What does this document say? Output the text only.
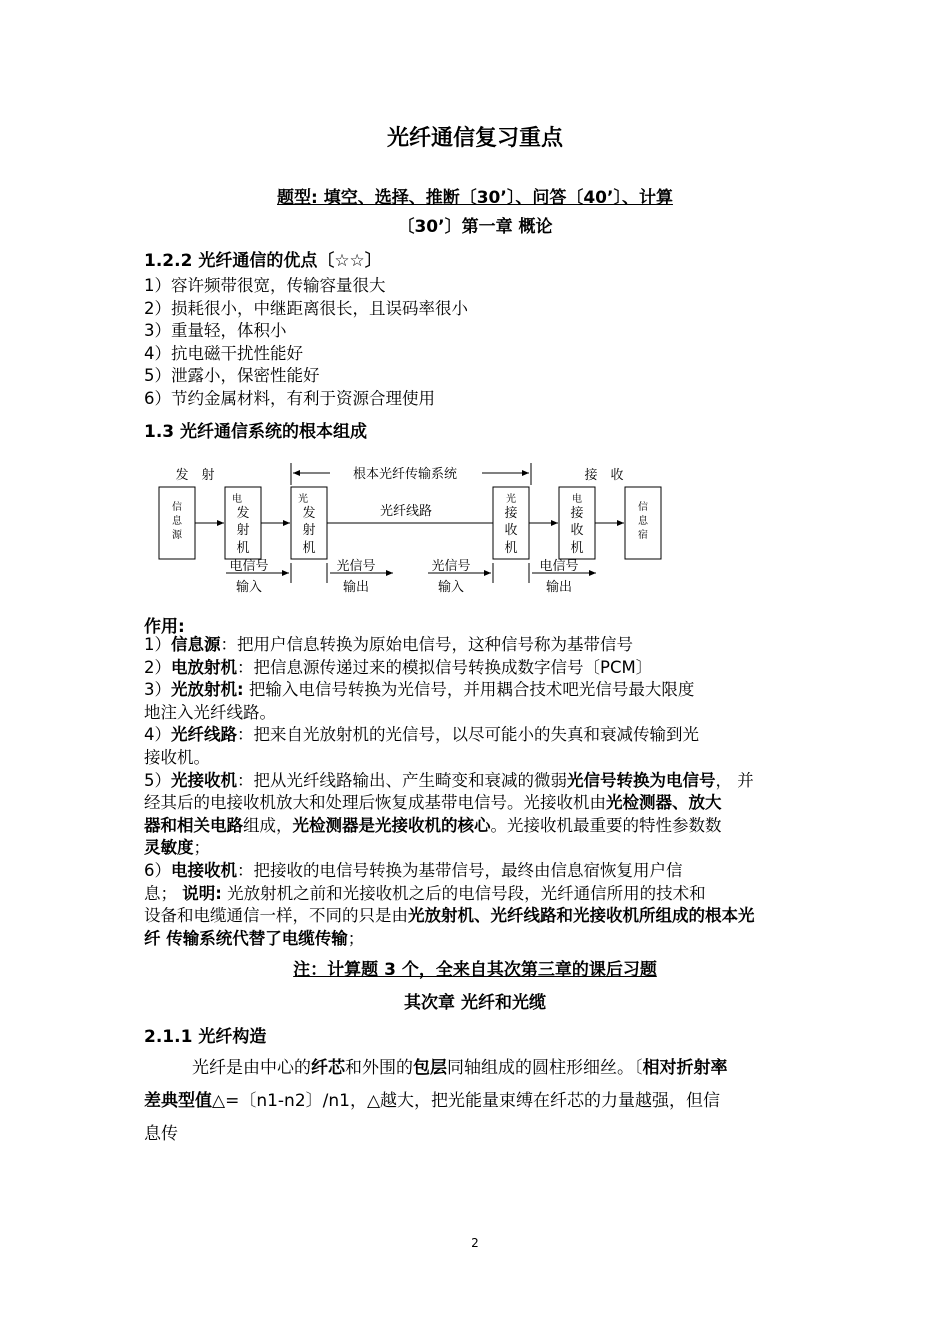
光纤通信复习重点
题型: 填空、选择、推断〔30’〕、问答〔40’〕、计算
〔30’〕第一章 概论
1.2.2 光纤通信的优点〔☆☆〕
1）容许频带很宽，传输容量很大
2）损耗很小，中继距离很长，且误码率很小
3）重量轻，体积小
4）抗电磁干扰性能好
5）泄露小，保密性能好
6）节约金属材料，有利于资源合理使用
1.3 光纤通信系统的根本组成
发　射	接　收
根本光纤传输系统
信
息
源
电
发
射
机
光
发
射
机
光
接
收
机
电
接
收
机
信
息
宿
光纤线路
电信号
输入
光信号
输出
光信号
输入
电信号
输出
作用:
1）信息源：把用户信息转换为原始电信号，这种信号称为基带信号
2）电放射机：把信息源传递过来的模拟信号转换成数字信号〔PCM〕
3）光放射机: 把输入电信号转换为光信号，并用耦合技术吧光信号最大限度
地注入光纤线路。
4）光纤线路：把来自光放射机的光信号，以尽可能小的失真和衰减传输到光
接收机。
5）光接收机：把从光纤线路输出、产生畸变和衰减的微弱光信号转换为电信号， 并
经其后的电接收机放大和处理后恢复成基带电信号。光接收机由光检测器、放大
器和相关电路组成，光检测器是光接收机的核心。光接收机最重要的特性参数数
灵敏度；
6）电接收机：把接收的电信号转换为基带信号，最终由信息宿恢复用户信
息； 说明: 光放射机之前和光接收机之后的电信号段，光纤通信所用的技术和
设备和电缆通信一样，不同的只是由光放射机、光纤线路和光接收机所组成的根本光
纤 传输系统代替了电缆传输；
注：计算题 3 个，全来自其次第三章的课后习题
其次章 光纤和光缆
2.1.1 光纤构造
光纤是由中心的纤芯和外围的包层同轴组成的圆柱形细丝。〔相对折射率
差典型值△=〔n1-n2〕/n1，△越大，把光能量束缚在纤芯的力量越强，但信
息传
2
